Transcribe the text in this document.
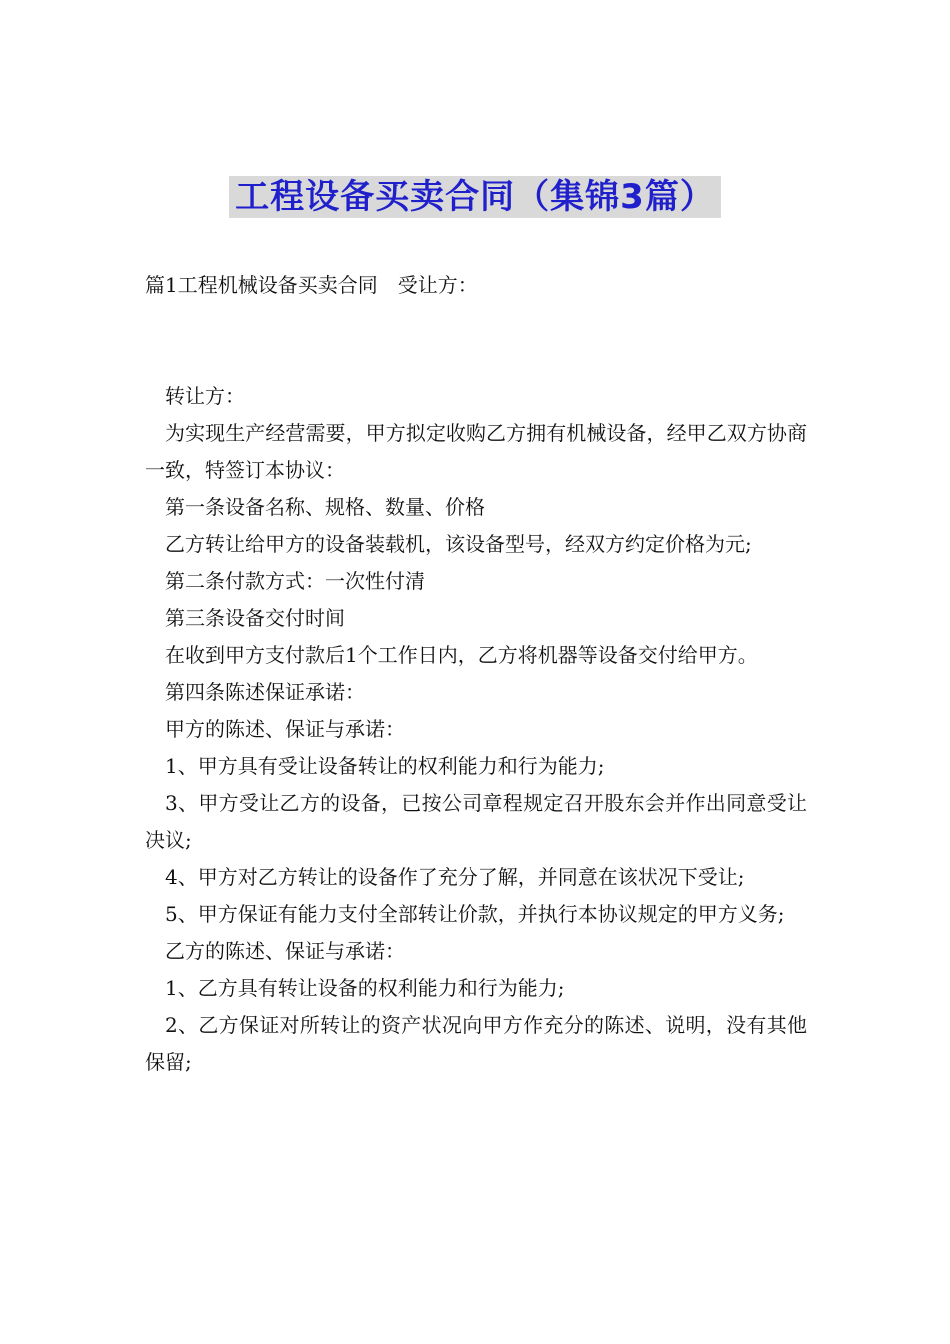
工程设备买卖合同（集锦3篇）
篇1工程机械设备买卖合同　受让方：

转让方：

为实现生产经营需要，甲方拟定收购乙方拥有机械设备，经甲乙双方协商一致，特签订本协议：

第一条设备名称、规格、数量、价格

乙方转让给甲方的设备装载机，该设备型号，经双方约定价格为元;

第二条付款方式：一次性付清

第三条设备交付时间

在收到甲方支付款后1个工作日内，乙方将机器等设备交付给甲方。

第四条陈述保证承诺：

甲方的陈述、保证与承诺：

1、甲方具有受让设备转让的权利能力和行为能力;

3、甲方受让乙方的设备，已按公司章程规定召开股东会并作出同意受让决议;

4、甲方对乙方转让的设备作了充分了解，并同意在该状况下受让;

5、甲方保证有能力支付全部转让价款，并执行本协议规定的甲方义务;

乙方的陈述、保证与承诺：

1、乙方具有转让设备的权利能力和行为能力;

2、乙方保证对所转让的资产状况向甲方作充分的陈述、说明，没有其他保留;
